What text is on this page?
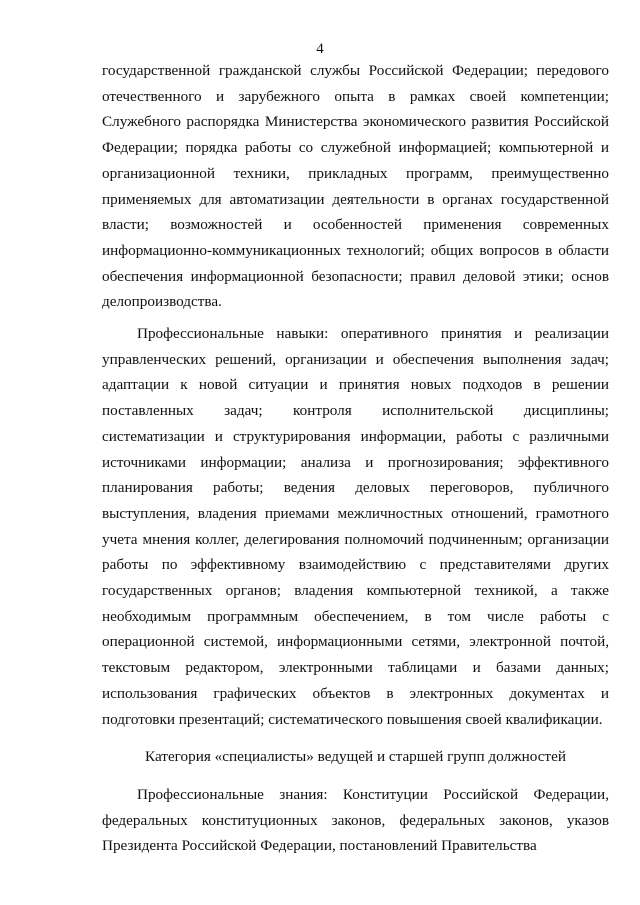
4

государственной гражданской службы Российской Федерации; передового отечественного и зарубежного опыта в рамках своей компетенции; Служебного распорядка Министерства экономического развития Российской Федерации; порядка работы со служебной информацией; компьютерной и организационной техники, прикладных программ, преимущественно применяемых для автоматизации деятельности в органах государственной власти; возможностей и особенностей применения современных информационно-коммуникационных технологий; общих вопросов в области обеспечения информационной безопасности; правил деловой этики; основ делопроизводства.

Профессиональные навыки: оперативного принятия и реализации управленческих решений, организации и обеспечения выполнения задач; адаптации к новой ситуации и принятия новых подходов в решении поставленных задач; контроля исполнительской дисциплины; систематизации и структурирования информации, работы с различными источниками информации; анализа и прогнозирования; эффективного планирования работы; ведения деловых переговоров, публичного выступления, владения приемами межличностных отношений, грамотного учета мнения коллег, делегирования полномочий подчиненным; организации работы по эффективному взаимодействию с представителями других государственных органов; владения компьютерной техникой, а также необходимым программным обеспечением, в том числе работы с операционной системой, информационными сетями, электронной почтой, текстовым редактором, электронными таблицами и базами данных; использования графических объектов в электронных документах и подготовки презентаций; систематического повышения своей квалификации.

Категория «специалисты» ведущей и старшей групп должностей

Профессиональные знания: Конституции Российской Федерации, федеральных конституционных законов, федеральных законов, указов Президента Российской Федерации, постановлений Правительства
